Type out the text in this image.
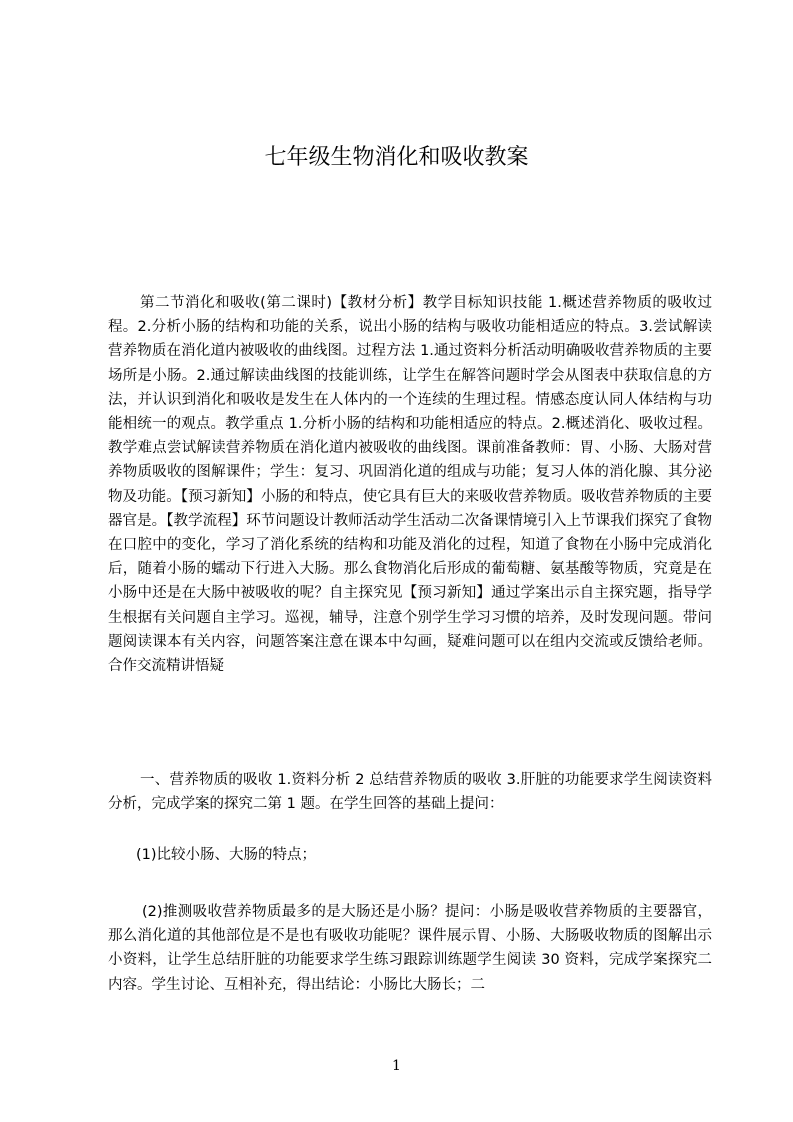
七年级生物消化和吸收教案

第二节消化和吸收(第二课时)【教材分析】教学目标知识技能 1.概述营养物质的吸收过程。2.分析小肠的结构和功能的关系，说出小肠的结构与吸收功能相适应的特点。3.尝试解读营养物质在消化道内被吸收的曲线图。过程方法 1.通过资料分析活动明确吸收营养物质的主要场所是小肠。2.通过解读曲线图的技能训练，让学生在解答问题时学会从图表中获取信息的方法，并认识到消化和吸收是发生在人体内的一个连续的生理过程。情感态度认同人体结构与功能相统一的观点。教学重点 1.分析小肠的结构和功能相适应的特点。2.概述消化、吸收过程。教学难点尝试解读营养物质在消化道内被吸收的曲线图。课前准备教师：胃、小肠、大肠对营养物质吸收的图解课件；学生：复习、巩固消化道的组成与功能；复习人体的消化腺、其分泌物及功能。【预习新知】小肠的和特点，使它具有巨大的来吸收营养物质。吸收营养物质的主要器官是。【教学流程】环节问题设计教师活动学生活动二次备课情境引入上节课我们探究了食物在口腔中的变化，学习了消化系统的结构和功能及消化的过程，知道了食物在小肠中完成消化后，随着小肠的蠕动下行进入大肠。那么食物消化后形成的葡萄糖、氨基酸等物质，究竟是在小肠中还是在大肠中被吸收的呢？自主探究见【预习新知】通过学案出示自主探究题，指导学生根据有关问题自主学习。巡视，辅导，注意个别学生学习习惯的培养，及时发现问题。带问题阅读课本有关内容，问题答案注意在课本中勾画，疑难问题可以在组内交流或反馈给老师。合作交流精讲悟疑

一、营养物质的吸收 1.资料分析 2 总结营养物质的吸收 3.肝脏的功能要求学生阅读资料分析，完成学案的探究二第 1 题。在学生回答的基础上提问：

(1)比较小肠、大肠的特点；

(2)推测吸收营养物质最多的是大肠还是小肠？提问：小肠是吸收营养物质的主要器官，那么消化道的其他部位是不是也有吸收功能呢？课件展示胃、小肠、大肠吸收物质的图解出示小资料，让学生总结肝脏的功能要求学生练习跟踪训练题学生阅读 30 资料，完成学案探究二内容。学生讨论、互相补充，得出结论：小肠比大肠长；二

1
